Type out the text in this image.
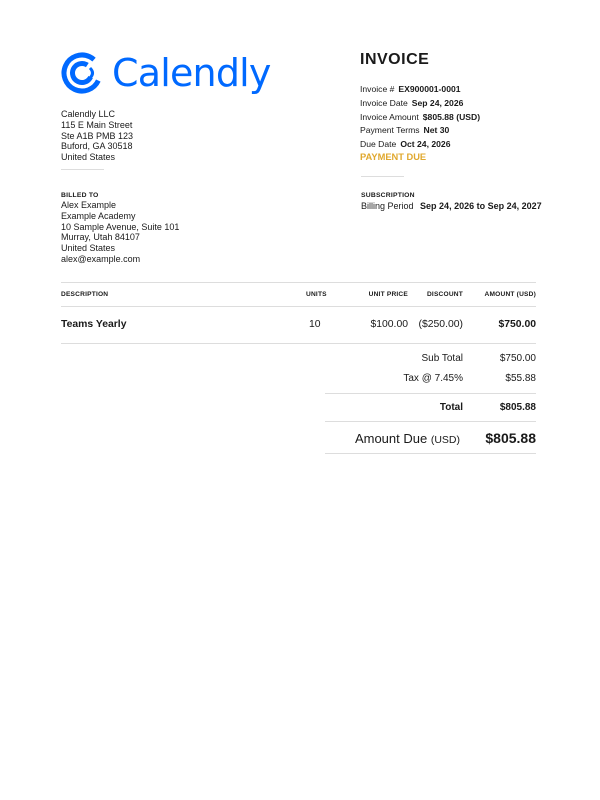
Calendly
Calendly LLC
115 E Main Street
Ste A1B PMB 123
Buford, GA 30518
United States
BILLED TO
Alex Example
Example Academy
10 Sample Avenue, Suite 101
Murray, Utah 84107
United States
alex@example.com
INVOICE
Invoice # EX900001-0001
Invoice Date Sep 24, 2026
Invoice Amount $805.88 (USD)
Payment Terms Net 30
Due Date Oct 24, 2026
PAYMENT DUE
SUBSCRIPTION
Billing Period Sep 24, 2026 to Sep 24, 2027
DESCRIPTION	UNITS	UNIT PRICE	DISCOUNT	AMOUNT (USD)
Teams Yearly	10	$100.00	($250.00)	$750.00
Sub Total	$750.00
Tax @ 7.45%	$55.88
Total	$805.88
Amount Due (USD)	$805.88
